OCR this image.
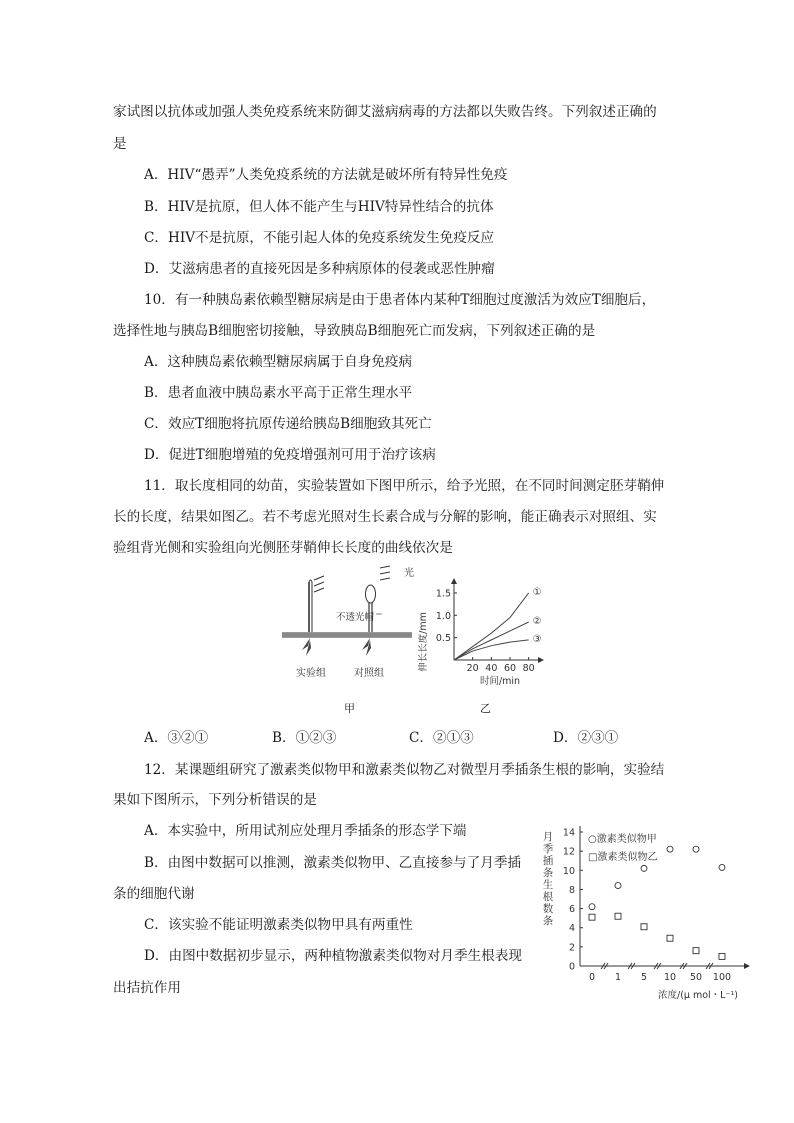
家试图以抗体或加强人类免疫系统来防御艾滋病病毒的方法都以失败告终。下列叙述正确的
是
A．HIV“愚弄”人类免疫系统的方法就是破坏所有特异性免疫
B．HIV是抗原，但人体不能产生与HIV特异性结合的抗体
C．HIV不是抗原，不能引起人体的免疫系统发生免疫反应
D．艾滋病患者的直接死因是多种病原体的侵袭或恶性肿瘤
10．有一种胰岛素依赖型糖尿病是由于患者体内某种T细胞过度激活为效应T细胞后，
选择性地与胰岛B细胞密切接触，导致胰岛B细胞死亡而发病，下列叙述正确的是
A．这种胰岛素依赖型糖尿病属于自身免疫病
B．患者血液中胰岛素水平高于正常生理水平
C．效应T细胞将抗原传递给胰岛B细胞致其死亡
D．促进T细胞增殖的免疫增强剂可用于治疗该病
11．取长度相同的幼苗，实验装置如下图甲所示，给予光照，在不同时间测定胚芽鞘伸
长的长度，结果如图乙。若不考虑光照对生长素合成与分解的影响，能正确表示对照组、实
验组背光侧和实验组向光侧胚芽鞘伸长长度的曲线依次是
光
不透光帽
实验组	对照组
甲
伸长长度/mm 0.5
1.0
1.5
20 40 60 80
①
②
③
时间/min
乙
A．③②①	B．①②③	C．②①③	D．②③①
12．某课题组研究了激素类似物甲和激素类似物乙对微型月季插条生根的影响，实验结
果如下图所示，下列分析错误的是
A．本实验中，所用试剂应处理月季插条的形态学下端
B．由图中数据可以推测，激素类似物甲、乙直接参与了月季插
条的细胞代谢
C．该实验不能证明激素类似物甲具有两重性
D．由图中数据初步显示，两种植物激素类似物对月季生根表现
出拮抗作用
月
季
插
条
生
根
数
条
0
2
4
6
8
10
12
14
0 1 5 10 50 100
○激素类似物甲
□激素类似物乙
浓度/(μ mol・L⁻¹)
